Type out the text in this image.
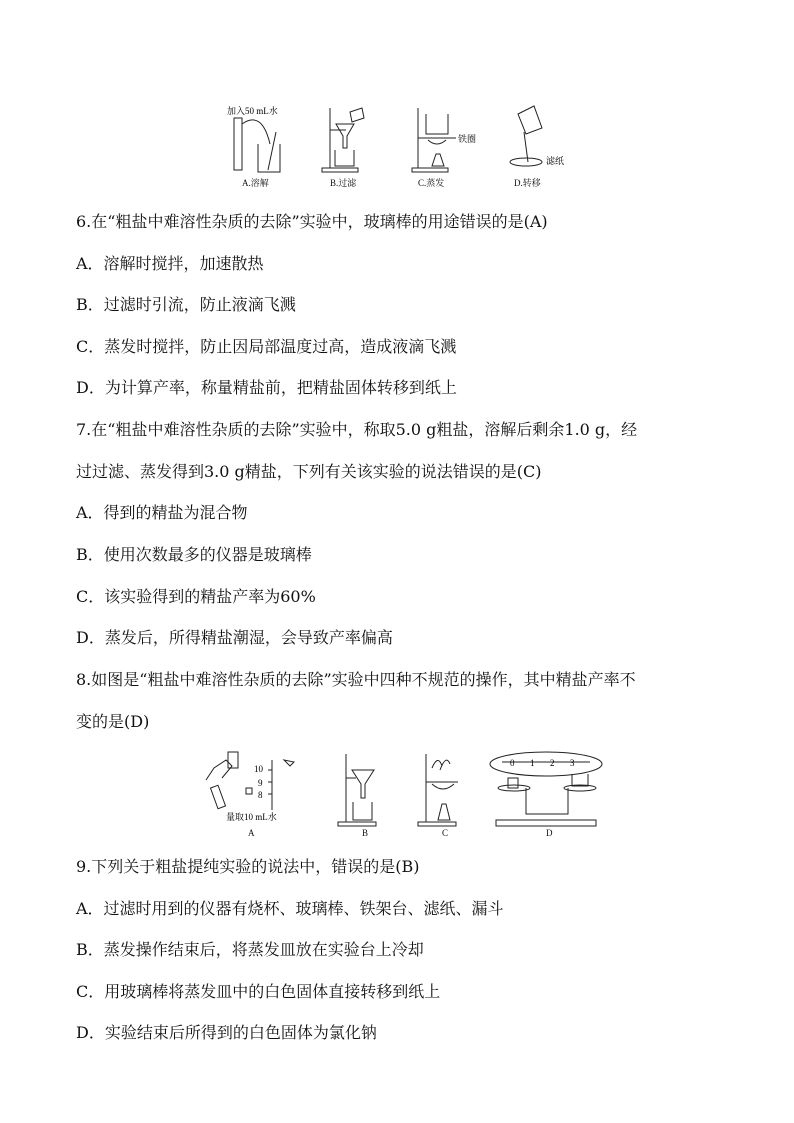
加入50 mL水
铁圈
A.溶解	B.过滤	C.蒸发
滤纸
D.转移
6.在“粗盐中难溶性杂质的去除”实验中，玻璃棒的用途错误的是(A)
A．溶解时搅拌，加速散热
B．过滤时引流，防止液滴飞溅
C．蒸发时搅拌，防止因局部温度过高，造成液滴飞溅
D．为计算产率，称量精盐前，把精盐固体转移到纸上
7.在“粗盐中难溶性杂质的去除”实验中，称取5.0 g粗盐，溶解后剩余1.0 g，经
过过滤、蒸发得到3.0 g精盐，下列有关该实验的说法错误的是(C)
A．得到的精盐为混合物
B．使用次数最多的仪器是玻璃棒
C．该实验得到的精盐产率为60%
D．蒸发后，所得精盐潮湿，会导致产率偏高
8.如图是“粗盐中难溶性杂质的去除”实验中四种不规范的操作，其中精盐产率不
变的是(D)
10
9
8
0 1 2 3
量取10 mL水
A	B	C	D
9.下列关于粗盐提纯实验的说法中，错误的是(B)
A．过滤时用到的仪器有烧杯、玻璃棒、铁架台、滤纸、漏斗
B．蒸发操作结束后，将蒸发皿放在实验台上冷却
C．用玻璃棒将蒸发皿中的白色固体直接转移到纸上
D．实验结束后所得到的白色固体为氯化钠
